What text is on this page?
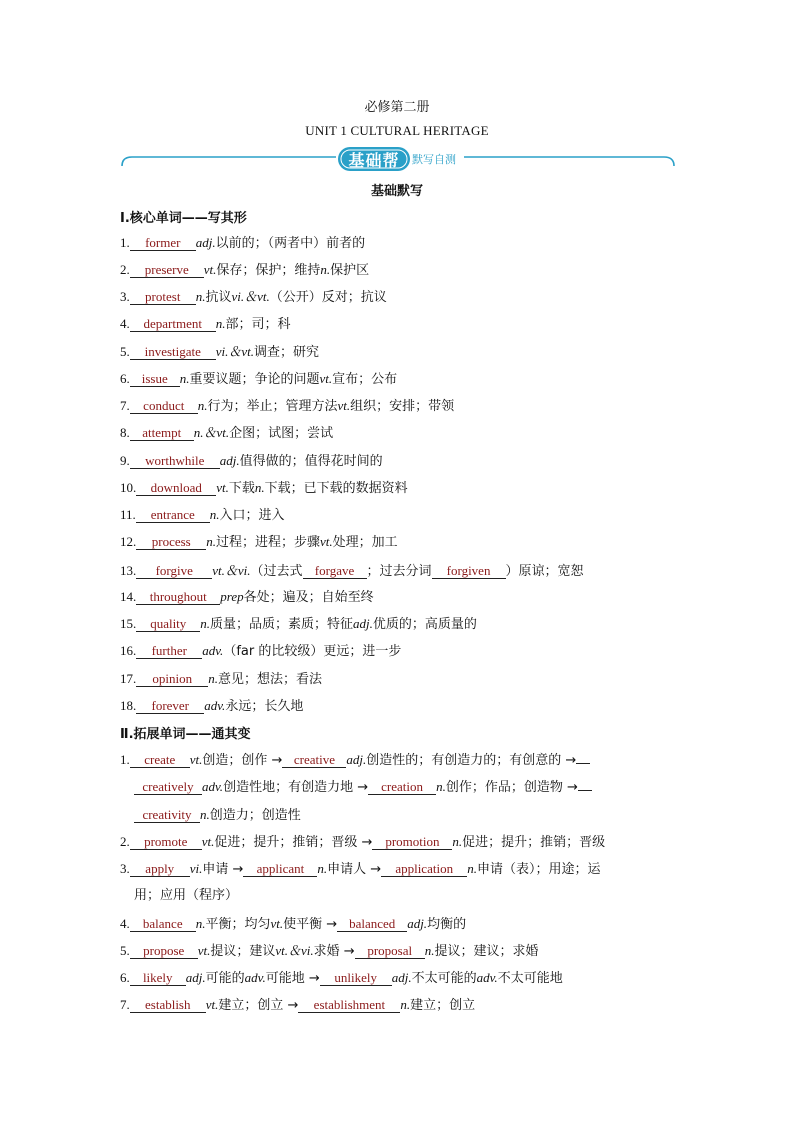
必修第二册
UNIT 1 CULTURAL HERITAGE
基础帮	默写自测
基础默写
Ⅰ.核心单词——写其形
1. former adj.以前的；（两者中）前者的
2. preserve vt.保存；保护；维持n.保护区
3. protest n.抗议vi.＆vt.（公开）反对；抗议
4. department n.部；司；科
5. investigate vi.＆vt.调查；研究
6. issue n.重要议题；争论的问题vt.宣布；公布
7. conduct n.行为；举止；管理方法vt.组织；安排；带领
8. attempt n.＆vt.企图；试图；尝试
9. worthwhile adj.值得做的；值得花时间的
10. download vt.下载n.下载；已下载的数据资料
11. entrance n.入口；进入
12. process n.过程；进程；步骤vt.处理；加工
14. throughout prep各处；遍及；自始至终
15. quality n.质量；品质；素质；特征adj.优质的；高质量的
16. further adv.（far 的比较级）更远；进一步
17. opinion n.意见；想法；看法
18. forever adv.永远；长久地
13. forgive vt.＆vi.（过去式 forgave ；过去分词 forgiven ）原谅；宽恕
Ⅱ.拓展单词——通其变
1. create vt.创造；创作 → creative adj.创造性的；有创造力的；有创意的 →
creatively adv.创造性地；有创造力地 → creation n.创作；作品；创造物 →
creativity n.创造力；创造性
2. promote vt.促进；提升；推销；晋级 → promotion n.促进；提升；推销；晋级
3. apply vi.申请 → applicant n.申请人 → application n.申请（表）；用途；运
用；应用（程序）
4. balance n.平衡；均匀vt.使平衡 → balanced adj.均衡的
5. propose vt.提议；建议vt.＆vi.求婚 → proposal n.提议；建议；求婚
6. likely adj.可能的adv.可能地 → unlikely adj.不太可能的adv.不太可能地
7. establish vt.建立；创立 → establishment n.建立；创立
